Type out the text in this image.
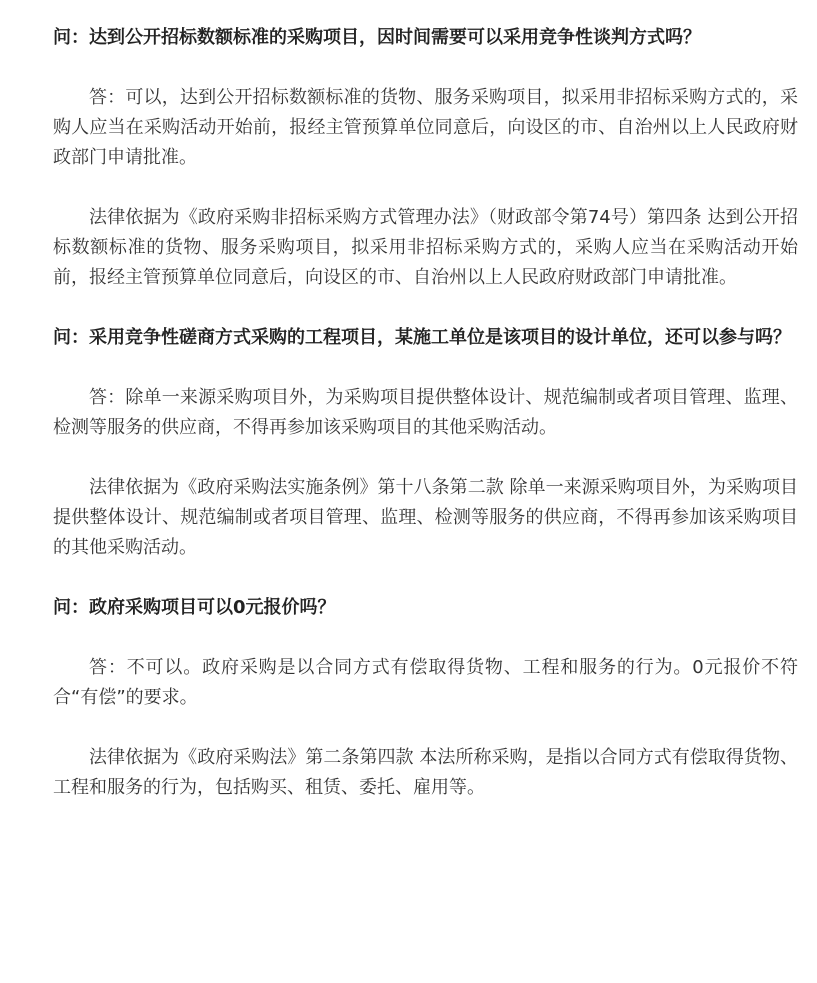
问：达到公开招标数额标准的采购项目，因时间需要可以采用竞争性谈判方式吗？

答：可以，达到公开招标数额标准的货物、服务采购项目，拟采用非招标采购方式的，采购人应当在采购活动开始前，报经主管预算单位同意后，向设区的市、自治州以上人民政府财政部门申请批准。

法律依据为《政府采购非招标采购方式管理办法》（财政部令第74号）第四条 达到公开招标数额标准的货物、服务采购项目，拟采用非招标采购方式的，采购人应当在采购活动开始前，报经主管预算单位同意后，向设区的市、自治州以上人民政府财政部门申请批准。

问：采用竞争性磋商方式采购的工程项目，某施工单位是该项目的设计单位，还可以参与吗？

答：除单一来源采购项目外，为采购项目提供整体设计、规范编制或者项目管理、监理、检测等服务的供应商，不得再参加该采购项目的其他采购活动。

法律依据为《政府采购法实施条例》第十八条第二款 除单一来源采购项目外，为采购项目提供整体设计、规范编制或者项目管理、监理、检测等服务的供应商，不得再参加该采购项目的其他采购活动。

问：政府采购项目可以0元报价吗？

答：不可以。政府采购是以合同方式有偿取得货物、工程和服务的行为。0元报价不符合“有偿”的要求。

法律依据为《政府采购法》第二条第四款 本法所称采购，是指以合同方式有偿取得货物、工程和服务的行为，包括购买、租赁、委托、雇用等。
